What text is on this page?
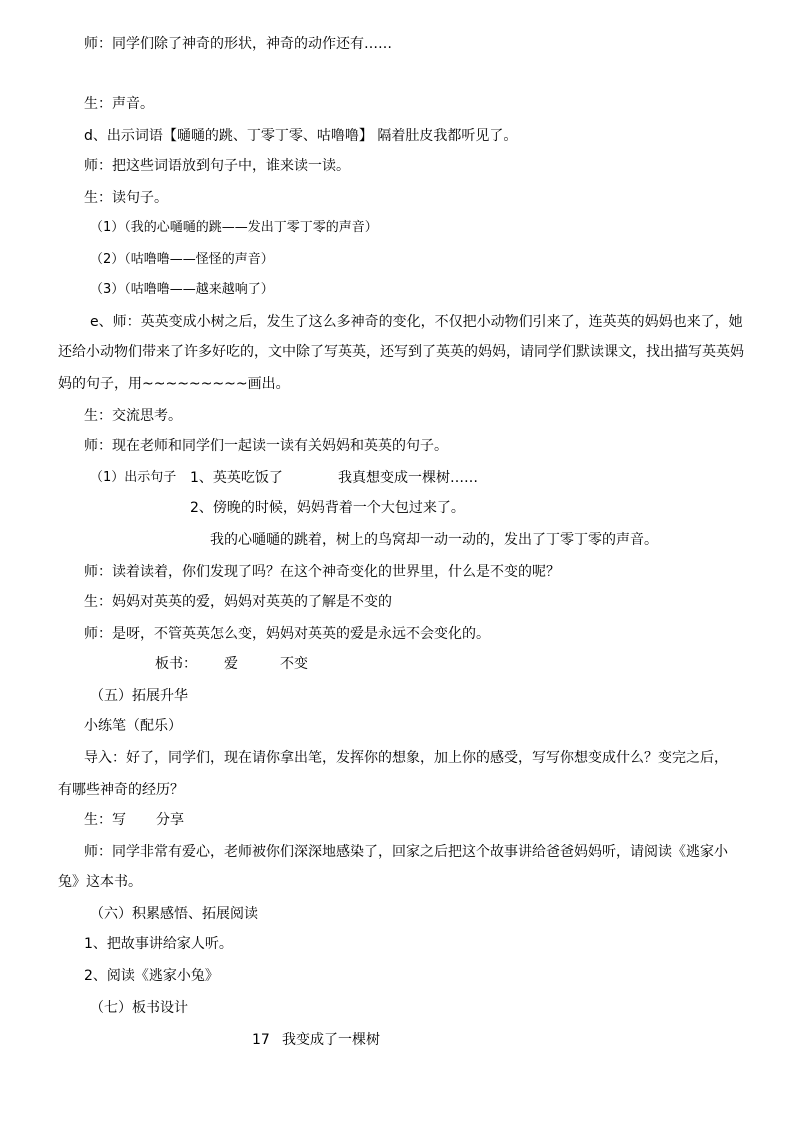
师：同学们除了神奇的形状，神奇的动作还有……
生：声音。
d、出示词语【嗵嗵的跳、丁零丁零、咕噜噜】 隔着肚皮我都听见了。
师：把这些词语放到句子中，谁来读一读。
生：读句子。
（1）（我的心嗵嗵的跳——发出丁零丁零的声音）
（2）（咕噜噜——怪怪的声音）
（3）（咕噜噜——越来越响了）
e、师：英英变成小树之后，发生了这么多神奇的变化，不仅把小动物们引来了，连英英的妈妈也来了，她
还给小动物们带来了许多好吃的，文中除了写英英，还写到了英英的妈妈，请同学们默读课文，找出描写英英妈
妈的句子，用~~~~~~~~~画出。
生：交流思考。
师：现在老师和同学们一起读一读有关妈妈和英英的句子。
（1）出示句子 1、英英吃饭了	我真想变成一棵树……
2、傍晚的时候，妈妈背着一个大包过来了。
我的心嗵嗵的跳着，树上的鸟窝却一动一动的，发出了丁零丁零的声音。
师：读着读着，你们发现了吗？在这个神奇变化的世界里，什么是不变的呢？
生：妈妈对英英的爱，妈妈对英英的了解是不变的
师：是呀，不管英英怎么变，妈妈对英英的爱是永远不会变化的。
板书： 爱	不变
（五）拓展升华
小练笔（配乐）
导入：好了，同学们，现在请你拿出笔，发挥你的想象，加上你的感受，写写你想变成什么？变完之后，
有哪些神奇的经历？
生：写 分享
师：同学非常有爱心，老师被你们深深地感染了，回家之后把这个故事讲给爸爸妈妈听，请阅读《逃家小
兔》这本书。
（六）积累感悟、拓展阅读
1、把故事讲给家人听。
2、阅读《逃家小兔》
（七）板书设计
17 我变成了一棵树
